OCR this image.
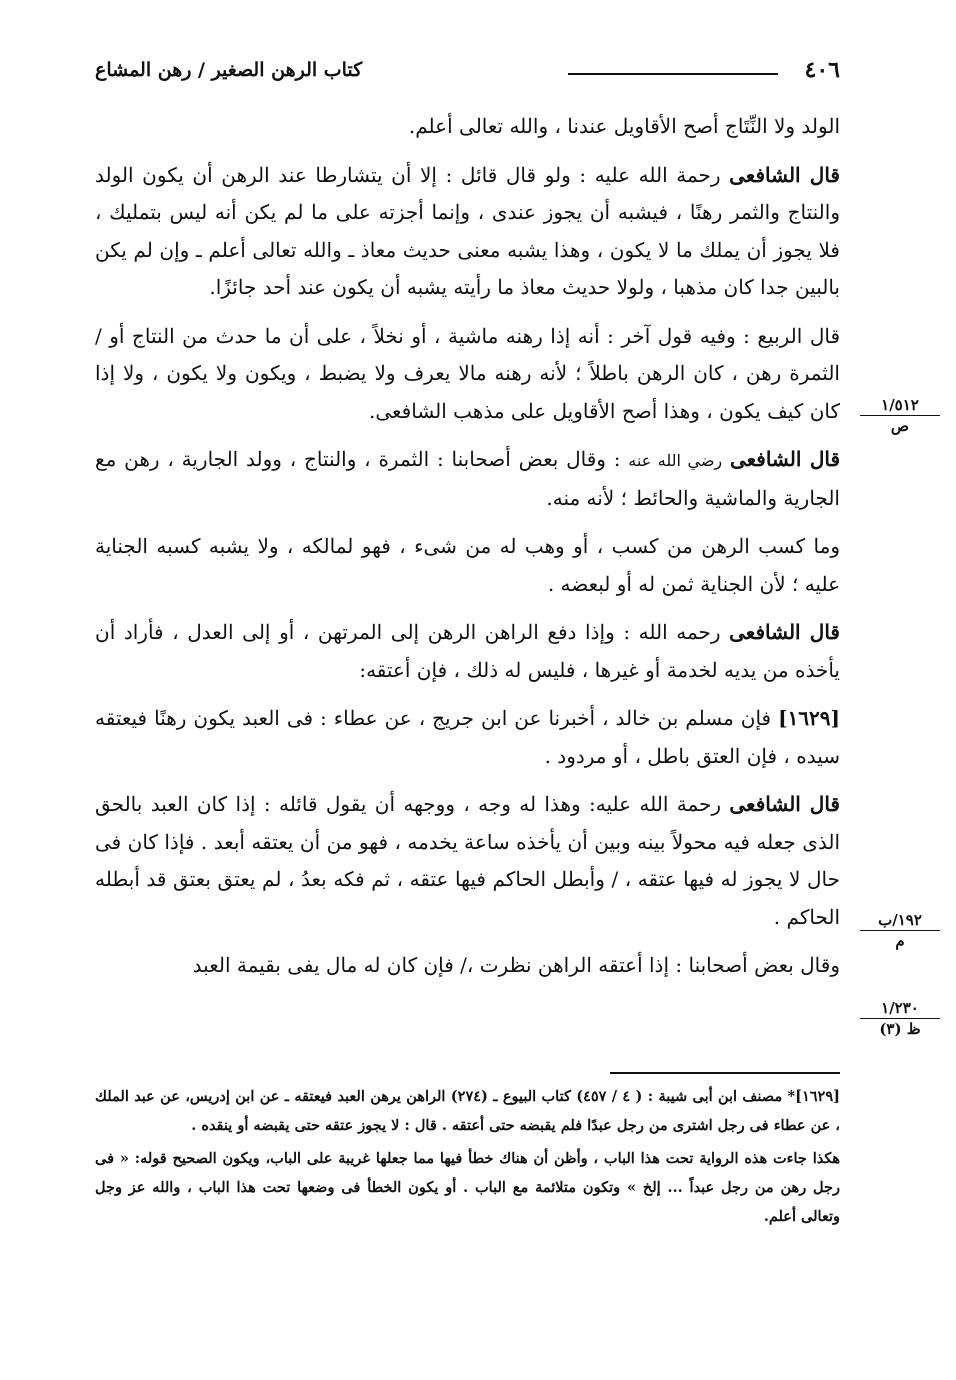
٤٠٦
كتاب الرهن الصغير / رهن المشاع

الولد ولا النِّتَاج أصح الأقاويل عندنا ، والله تعالى أعلم.

قال الشافعى رحمة الله عليه : ولو قال قائل : إلا أن يتشارطا عند الرهن أن يكون الولد والنتاج والثمر رهنًا ، فيشبه أن يجوز عندى ، وإنما أجزته على ما لم يكن أنه ليس بتمليك ، فلا يجوز أن يملك ما لا يكون ، وهذا يشبه معنى حديث معاذ ـ والله تعالى أعلم ـ وإن لم يكن بالبين جدا كان مذهبا ، ولولا حديث معاذ ما رأيته يشبه أن يكون عند أحد جائزًا.

قال الربيع : وفيه قول آخر : أنه إذا رهنه ماشية ، أو نخلاً ، على أن ما حدث من النتاج أو / الثمرة رهن ، كان الرهن باطلاً ؛ لأنه رهنه مالا يعرف ولا يضبط ، ويكون ولا يكون ، ولا إذا كان كيف يكون ، وهذا أصح الأقاويل على مذهب الشافعى.

قال الشافعى رضي الله عنه : وقال بعض أصحابنا : الثمرة ، والنتاج ، وولد الجارية ، رهن مع الجارية والماشية والحائط ؛ لأنه منه.

وما كسب الرهن من كسب ، أو وهب له من شىء ، فهو لمالكه ، ولا يشبه كسبه الجناية عليه ؛ لأن الجناية ثمن له أو لبعضه .

قال الشافعى رحمه الله : وإذا دفع الراهن الرهن إلى المرتهن ، أو إلى العدل ، فأراد أن يأخذه من يديه لخدمة أو غيرها ، فليس له ذلك ، فإن أعتقه:

[١٦٢٩] فإن مسلم بن خالد ، أخبرنا عن ابن جريج ، عن عطاء : فى العبد يكون رهنًا فيعتقه سيده ، فإن العتق باطل ، أو مردود .

قال الشافعى رحمة الله عليه: وهذا له وجه ، ووجهه أن يقول قائله : إذا كان العبد بالحق الذى جعله فيه محولاً بينه وبين أن يأخذه ساعة يخدمه ، فهو من أن يعتقه أبعد . فإذا كان فى حال لا يجوز له فيها عتقه ، / وأبطل الحاكم فيها عتقه ، ثم فكه بعدُ ، لم يعتق بعتق قد أبطله الحاكم .

وقال بعض أصحابنا : إذا أعتقه الراهن نظرت ،/ فإن كان له مال يفى بقيمة العبد

١/٥١٢
ص
١٩٢/ب
م
١/٢٣٠
ظ (٣)

[١٦٢٩]* مصنف ابن أبى شيبة : ( ٤ / ٤٥٧) كتاب البيوع ـ (٢٧٤) الراهن يرهن العبد فيعتقه ـ عن ابن إدريس، عن عبد الملك ، عن عطاء فى رجل اشترى من رجل عبدًا فلم يقبضه حتى أعتقه . قال : لا يجوز عتقه حتى يقبضه أو ينقده .

هكذا جاءت هذه الرواية تحت هذا الباب ، وأظن أن هناك خطأ فيها مما جعلها غريبة على الباب، ويكون الصحيح قوله: « فى رجل رهن من رجل عبداً ... إلخ » وتكون متلائمة مع الباب . أو يكون الخطأ فى وضعها تحت هذا الباب ، والله عز وجل وتعالى أعلم.
